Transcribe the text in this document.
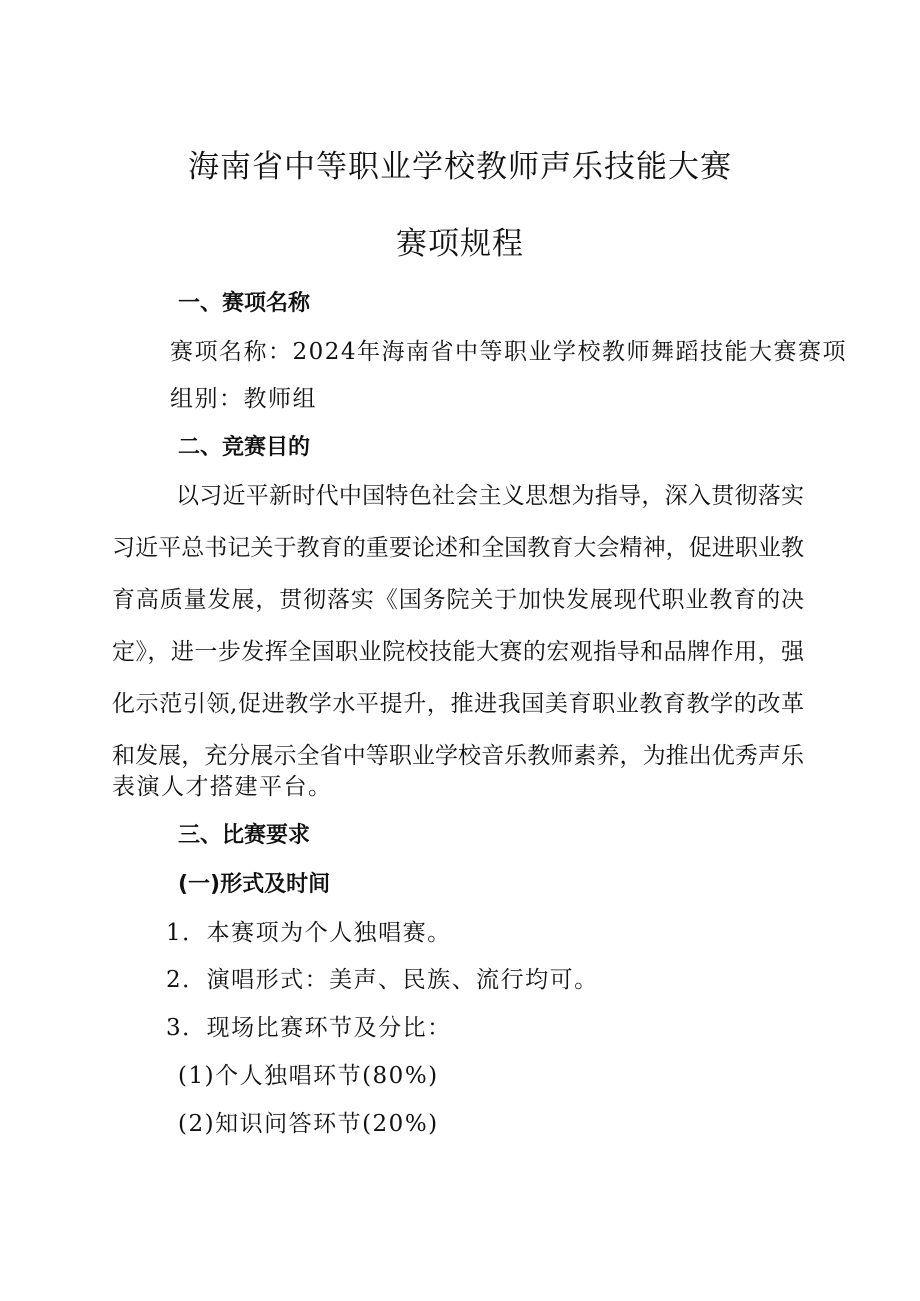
海南省中等职业学校教师声乐技能大赛
赛项规程
一、赛项名称
赛项名称：2024年海南省中等职业学校教师舞蹈技能大赛赛项
组别：教师组
二、竞赛目的
以习近平新时代中国特色社会主义思想为指导，深入贯彻落实
习近平总书记关于教育的重要论述和全国教育大会精神，促进职业教
育高质量发展，贯彻落实《国务院关于加快发展现代职业教育的决
定》，进一步发挥全国职业院校技能大赛的宏观指导和品牌作用，强
化示范引领,促进教学水平提升，推进我国美育职业教育教学的改革
和发展，充分展示全省中等职业学校音乐教师素养，为推出优秀声乐
表演人才搭建平台。
三、比赛要求
(一)形式及时间
1．本赛项为个人独唱赛。
2．演唱形式：美声、民族、流行均可。
3．现场比赛环节及分比：
(1)个人独唱环节(80%)
(2)知识问答环节(20%)
